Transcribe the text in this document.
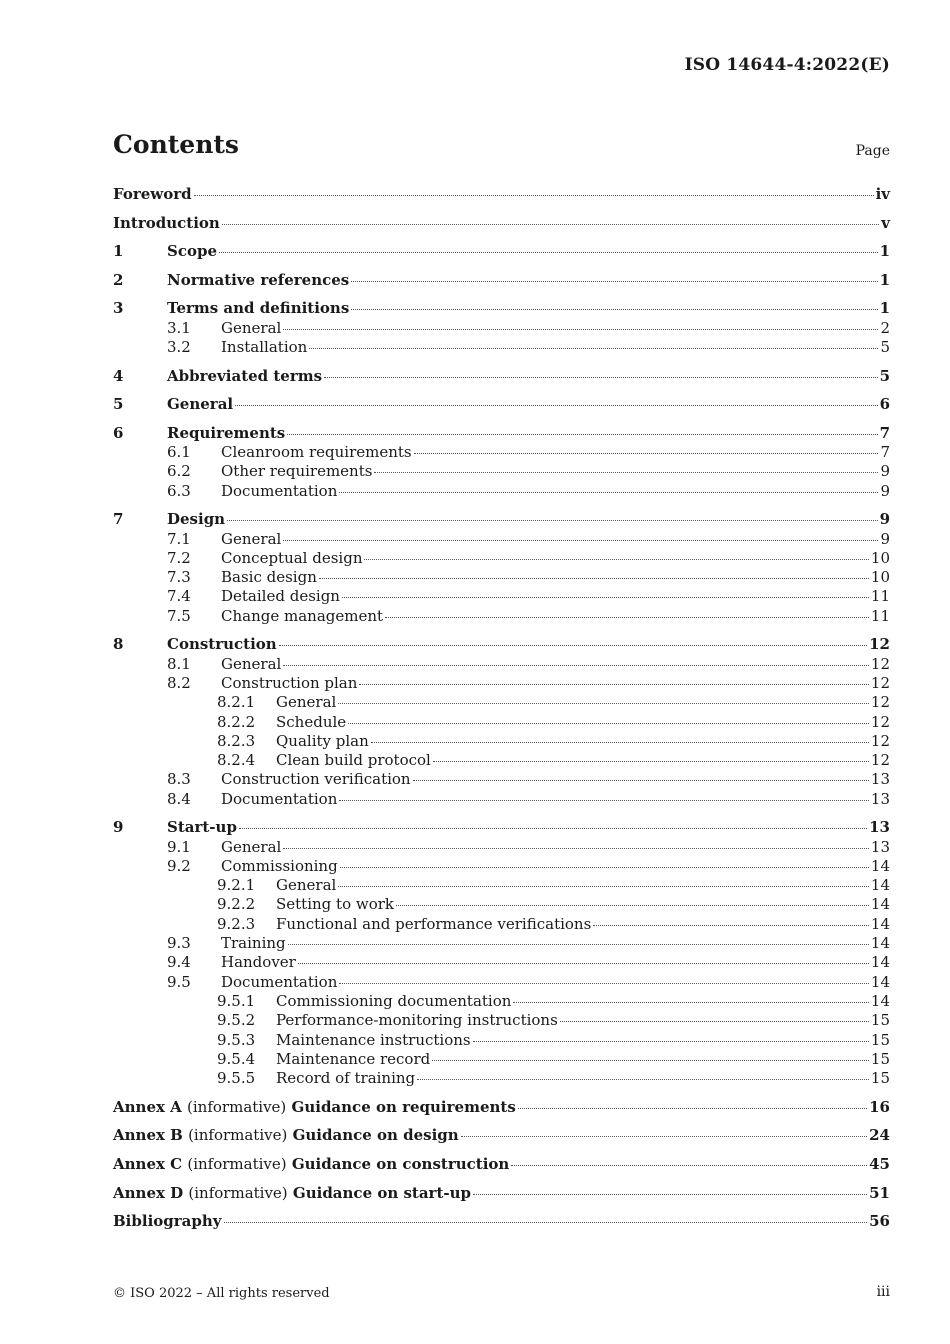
ISO 14644-4:2022(E)
Contents	Page
Foreword	iv
Introduction	v
1	Scope	1
2	Normative references	1
3	Terms and definitions	1
3.1 General	2
3.2 Installation	5
4	Abbreviated terms	5
5	General	6
6	Requirements	7
6.1 Cleanroom requirements	7
6.2 Other requirements	9
6.3 Documentation	9
7	Design	9
7.1 General	9
7.2 Conceptual design	10
7.3 Basic design	10
7.4 Detailed design	11
7.5 Change management	11
8	Construction	12
8.1 General	12
8.2 Construction plan	12
8.2.1 General	12
8.2.2 Schedule	12
8.2.3 Quality plan	12
8.2.4 Clean build protocol	12
8.3 Construction verification	13
8.4 Documentation	13
9	Start-up	13
9.1 General	13
9.2 Commissioning	14
9.2.1 General	14
9.2.2 Setting to work	14
9.2.3 Functional and performance verifications	14
9.3 Training	14
9.4 Handover	14
9.5 Documentation	14
9.5.1 Commissioning documentation	14
9.5.2 Performance-monitoring instructions	15
9.5.3 Maintenance instructions	15
9.5.4 Maintenance record	15
9.5.5 Record of training	15
Annex A (informative) Guidance on requirements	16
Annex B (informative) Guidance on design	24
Annex C (informative) Guidance on construction	45
Annex D (informative) Guidance on start-up	51
Bibliography	56
© ISO 2022 – All rights reserved	iii
